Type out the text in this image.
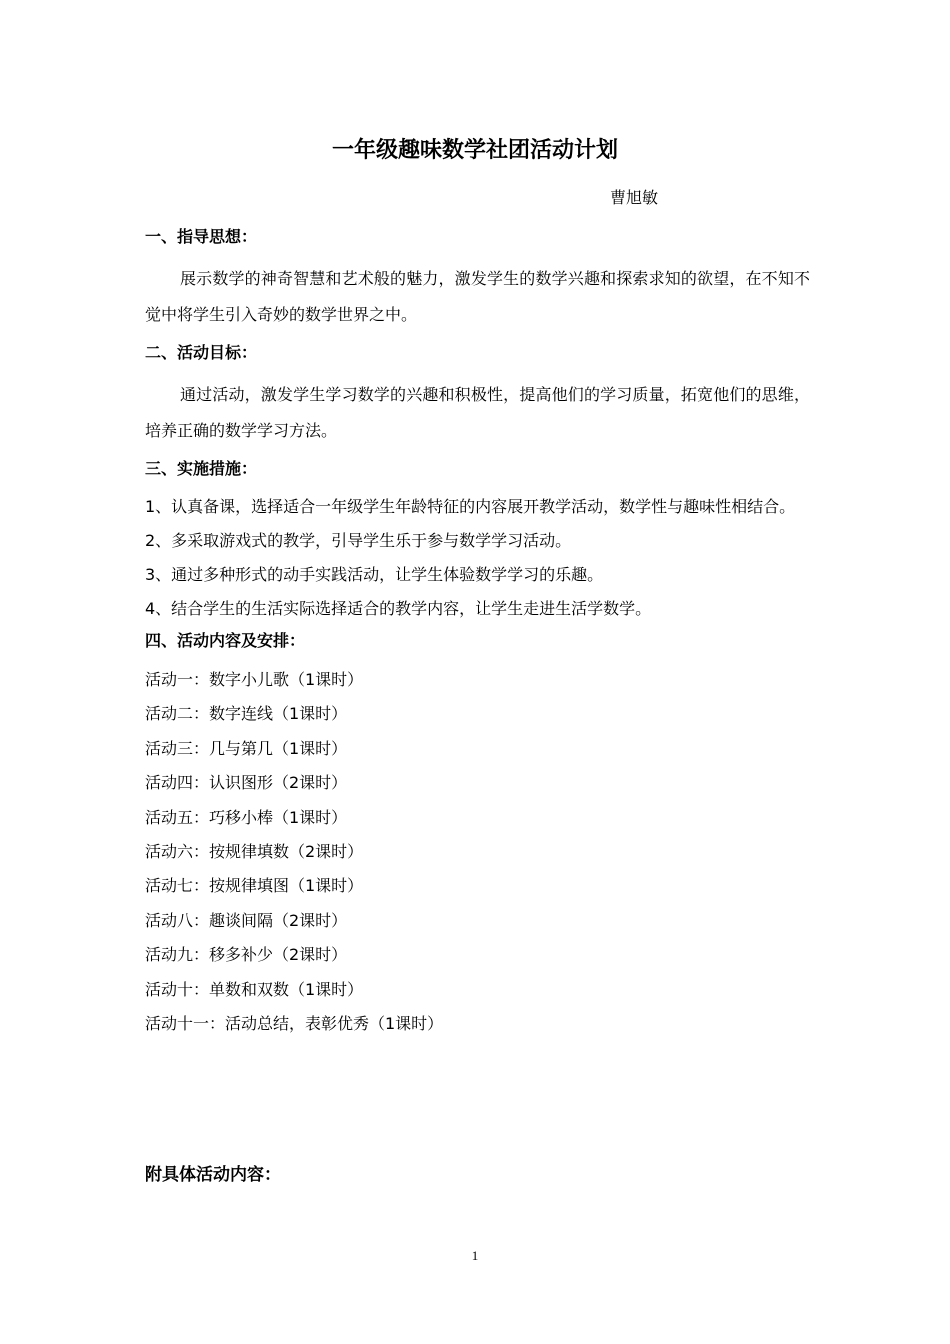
一年级趣味数学社团活动计划
曹旭敏
一、指导思想：
展示数学的神奇智慧和艺术般的魅力，激发学生的数学兴趣和探索求知的欲望，在不知不觉中将学生引入奇妙的数学世界之中。
二、活动目标：
通过活动，激发学生学习数学的兴趣和积极性，提高他们的学习质量，拓宽他们的思维，培养正确的数学学习方法。
三、实施措施：
1、认真备课，选择适合一年级学生年龄特征的内容展开教学活动，数学性与趣味性相结合。
2、多采取游戏式的教学，引导学生乐于参与数学学习活动。
3、通过多种形式的动手实践活动，让学生体验数学学习的乐趣。
4、结合学生的生活实际选择适合的教学内容，让学生走进生活学数学。
四、活动内容及安排：
活动一：数字小儿歌（1课时）
活动二：数字连线（1课时）
活动三：几与第几（1课时）
活动四：认识图形（2课时）
活动五：巧移小棒（1课时）
活动六：按规律填数（2课时）
活动七：按规律填图（1课时）
活动八：趣谈间隔（2课时）
活动九：移多补少（2课时）
活动十：单数和双数（1课时）
活动十一：活动总结，表彰优秀（1课时）
附具体活动内容：
1
